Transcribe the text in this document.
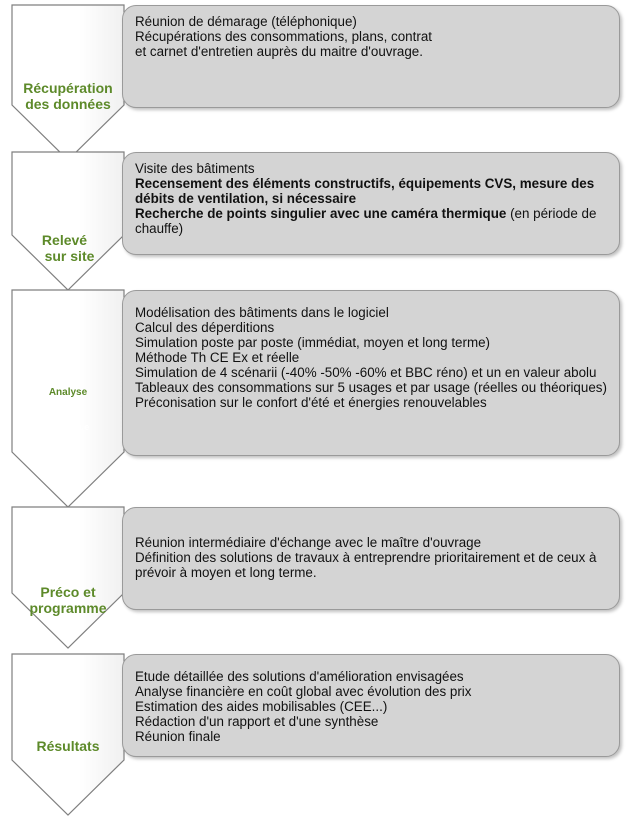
Récupération
des données
Réunion de démarage (téléphonique)
Récupérations des consommations, plans, contrat et carnet d'entretien auprès du maitre d'ouvrage.
Relevé
sur site
Visite des bâtiments
Recensement des éléments constructifs, équipements CVS, mesure des débits de ventilation, si nécessaire
Recherche de points singulier avec une caméra thermique (en période de chauffe)
Analyse
technique
Modélisation des bâtiments dans le logiciel
Calcul des déperditions
Simulation poste par poste (immédiat, moyen et long terme)
Méthode Th CE Ex et réelle
Simulation de 4 scénarii (-40% -50% -60% et BBC réno) et un en valeur abolu
Tableaux des consommations sur 5 usages et par usage (réelles ou théoriques)
Préconisation sur le confort d'été et énergies renouvelables
Préco et
programme
Réunion intermédiaire d'échange avec le maître d'ouvrage
Définition des solutions de travaux à entreprendre prioritairement et de ceux à prévoir à moyen et long terme.
Résultats
Etude détaillée des solutions d'amélioration envisagées
Analyse financière en coût global avec évolution des prix
Estimation des aides mobilisables (CEE...)
Rédaction d'un rapport et d'une synthèse
Réunion finale
